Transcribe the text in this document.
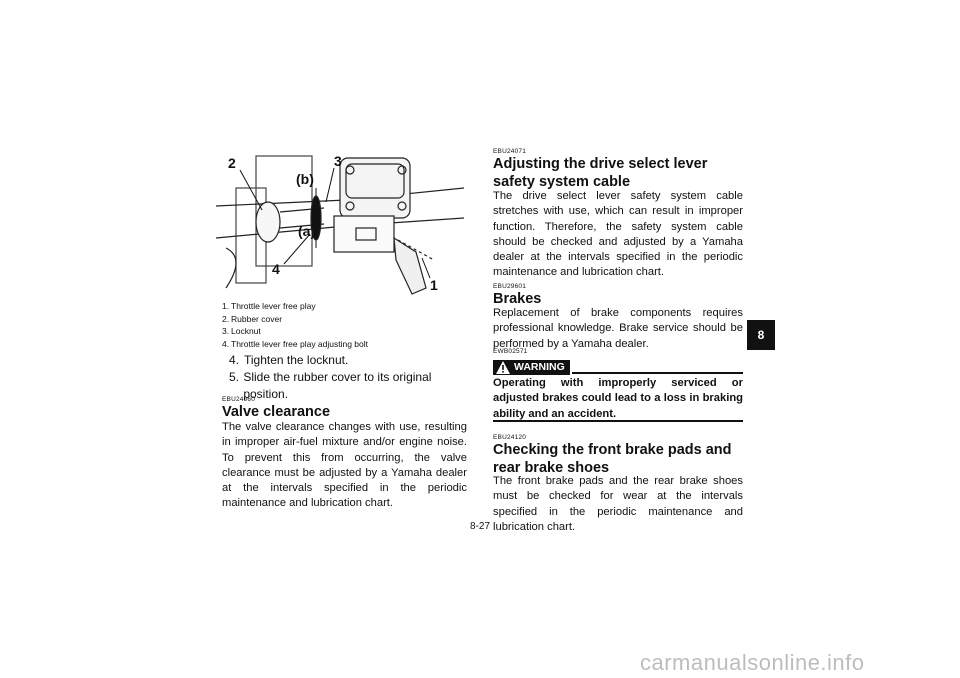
2	3
(b)
(a)
4
1
1. Throttle lever free play
2. Rubber cover
3. Locknut
4. Throttle lever free play adjusting bolt
4. Tighten the locknut.
5. Slide the rubber cover to its original position.
EBU24060
Valve clearance
The valve clearance changes with use, resulting in improper air-fuel mixture and/or engine noise. To prevent this from occurring, the valve clearance must be adjusted by a Yamaha dealer at the intervals specified in the periodic maintenance and lubrication chart.
EBU24071
Adjusting the drive select lever safety system cable
The drive select lever safety system cable stretches with use, which can result in improper function. Therefore, the safety system cable should be checked and adjusted by a Yamaha dealer at the intervals specified in the periodic maintenance and lubrication chart.
EBU29601
Brakes
Replacement of brake components requires professional knowledge. Brake service should be performed by a Yamaha dealer.
EWB02571
WARNING
Operating with improperly serviced or adjusted brakes could lead to a loss in braking ability and an accident.
EBU24120
Checking the front brake pads and rear brake shoes
The front brake pads and the rear brake shoes must be checked for wear at the intervals specified in the periodic maintenance and lubrication chart.
8
8-27
carmanualsonline.info
